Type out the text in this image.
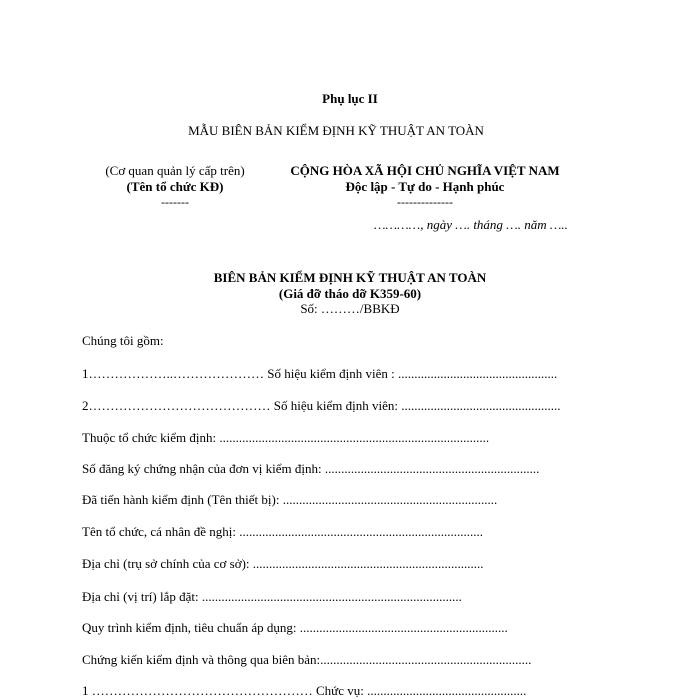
Phụ lục II
MẪU BIÊN BẢN KIỂM ĐỊNH KỸ THUẬT AN TOÀN
(Cơ quan quản lý cấp trên)
(Tên tổ chức KĐ)
-------
CỘNG HÒA XÃ HỘI CHỦ NGHĨA VIỆT NAM
Độc lập - Tự do - Hạnh phúc
--------------
…………, ngày …. tháng …. năm …..
BIÊN BẢN KIỂM ĐỊNH KỸ THUẬT AN TOÀN
(Giá đỡ tháo dỡ K359-60)
Số: ………/BBKĐ
Chúng tôi gồm:
1………………..………………… Số hiệu kiểm định viên : .................................................
2…………………………………… Số hiệu kiểm định viên: .................................................
Thuộc tổ chức kiểm định: ...................................................................................
Số đăng ký chứng nhận của đơn vị kiểm định: ..................................................................
Đã tiến hành kiểm định (Tên thiết bị): ..................................................................
Tên tổ chức, cá nhân đề nghị: ...........................................................................
Địa chỉ (trụ sở chính của cơ sở): .......................................................................
Địa chỉ (vị trí) lắp đặt: ................................................................................
Quy trình kiểm định, tiêu chuẩn áp dụng: ................................................................
Chứng kiến kiểm định và thông qua biên bản:.................................................................
1 …………………………………………… Chức vụ: .................................................
